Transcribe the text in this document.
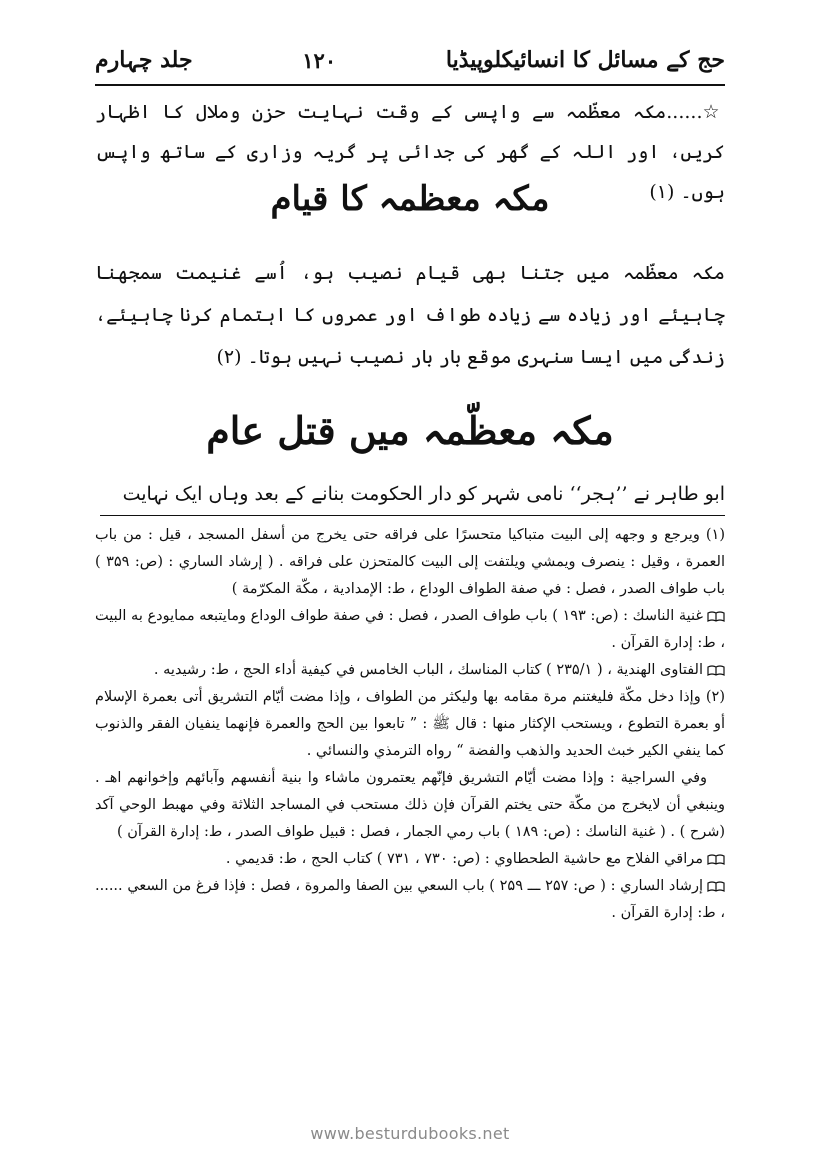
حج کے مسائل کا انسائیکلوپیڈیا
۱۲۰
جلد چہارم
☆......مکہ معظّمہ سے واپسی کے وقت نہایت حزن وملال کا اظہار کریں، اور اللہ کے گھر کی جدائی پر گریہ وزاری کے ساتھ واپس ہوں۔ (۱)
مکہ معظمہ کا قیام
مکہ معظّمہ میں جتنا بھی قیام نصیب ہو، اُسے غنیمت سمجھنا چاہیئے اور زیادہ سے زیادہ طواف اور عمروں کا اہتمام کرنا چاہیئے، زندگی میں ایسا سنہری موقع بار بار نصیب نہیں ہوتا۔ (۲)
مکہ معظّمہ میں قتل عام
ابو طاہر نے ’’ہجر‘‘ نامی شہر کو دار الحکومت بنانے کے بعد وہاں ایک نہایت

(۱) ویرجع و وجهه إلى البيت متباكيا متحسرًا على فراقه حتى يخرج من أسفل المسجد ، قيل : من باب العمرة ، وقيل : ينصرف ويمشي ويلتفت إلى البيت كالمتحزن على فراقه . ( إرشاد الساري : (ص: ۳۵۹ ) باب طواف الصدر ، فصل : في صفة الطواف الوداع ، ط: الإمدادية ، مكّة المكرّمة )

غنية الناسك : (ص: ۱۹۳ ) باب طواف الصدر ، فصل : في صفة طواف الوداع ومايتبعه ممايودع به البيت ، ط: إدارة القرآن .

الفتاوى الهندية ، ( ۲۳۵/۱ ) كتاب المناسك ، الباب الخامس في كيفية أداء الحج ، ط: رشيديه .

(۲) وإذا دخل مكّة فليغتنم مرة مقامه بها وليكثر من الطواف ، وإذا مضت أيّام التشريق أتى بعمرة الإسلام أو بعمرة التطوع ، ويستحب الإكثار منها : قال ﷺ : ” تابعوا بين الحج والعمرة فإنهما ينفيان الفقر والذنوب كما ينفي الكير خبث الحديد والذهب والفضة “ رواه الترمذي والنسائي .

وفي السراجية : وإذا مضت أيّام التشريق فإنّهم يعتمرون ماشاء وا بنية أنفسهم وآبائهم وإخوانهم اهـ . وينبغي أن لايخرج من مكّة حتى يختم القرآن فإن ذلك مستحب في المساجد الثلاثة وفي مهبط الوحي آكد (شرح ) . ( غنية الناسك : (ص: ۱۸۹ ) باب رمي الجمار ، فصل : قبيل طواف الصدر ، ط: إدارة القرآن )

مراقي الفلاح مع حاشية الطحطاوي : (ص: ۷۳۰ ، ۷۳۱ ) كتاب الحج ، ط: قديمي .

إرشاد الساري : ( ص: ۲۵۷ ـــ ۲۵۹ ) باب السعي بين الصفا والمروة ، فصل : فإذا فرغ من السعي ...... ، ط: إدارة القرآن .

www.besturdubooks.net
